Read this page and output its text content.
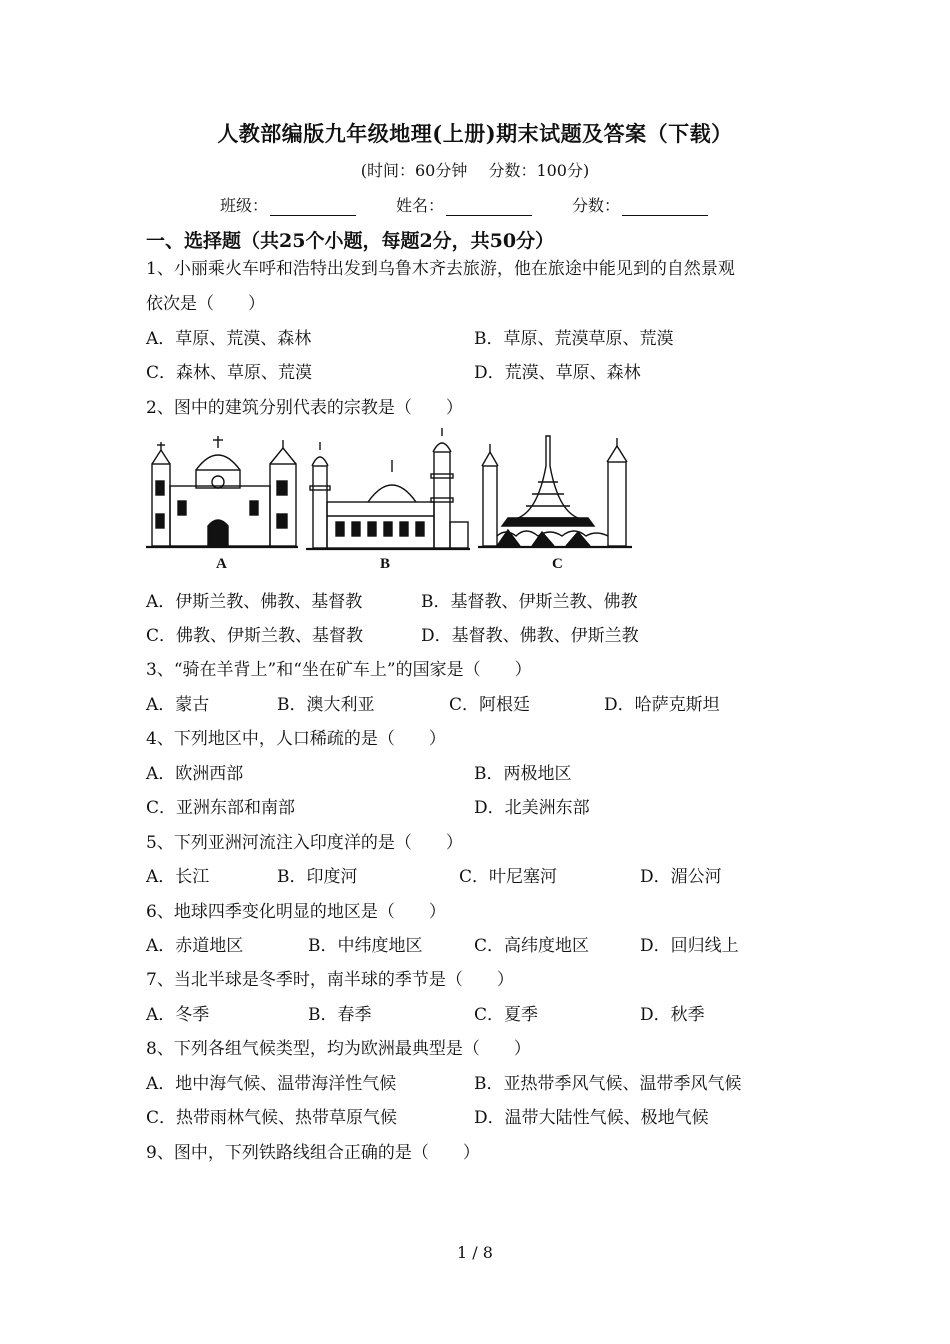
人教部编版九年级地理(上册)期末试题及答案（下载）
(时间：60分钟　 分数：100分)
班级：	姓名：	分数：
一、选择题（共25个小题，每题2分，共50分）
1、小丽乘火车呼和浩特出发到乌鲁木齐去旅游，他在旅途中能见到的自然景观
依次是（　　）
A．草原、荒漠、森林	B．草原、荒漠草原、荒漠
C．森林、草原、荒漠	D．荒漠、草原、森林
2、图中的建筑分别代表的宗教是（　　）
A	B	C
A．伊斯兰教、佛教、基督教	B．基督教、伊斯兰教、佛教
C．佛教、伊斯兰教、基督教	D．基督教、佛教、伊斯兰教
3、“骑在羊背上”和“坐在矿车上”的国家是（　　）
A．蒙古	B．澳大利亚	C．阿根廷	D．哈萨克斯坦
4、下列地区中，人口稀疏的是（　　）
A．欧洲西部	B．两极地区
C．亚洲东部和南部	D．北美洲东部
5、下列亚洲河流注入印度洋的是（　　）
A．长江	B．印度河	C．叶尼塞河	D．湄公河
6、地球四季变化明显的地区是（　　）
A．赤道地区	B．中纬度地区	C．高纬度地区	D．回归线上
7、当北半球是冬季时，南半球的季节是（　　）
A．冬季	B．春季	C．夏季	D．秋季
8、下列各组气候类型，均为欧洲最典型是（　　）
A．地中海气候、温带海洋性气候	B．亚热带季风气候、温带季风气候
C．热带雨林气候、热带草原气候	D．温带大陆性气候、极地气候
9、图中，下列铁路线组合正确的是（　　）
1 / 8
